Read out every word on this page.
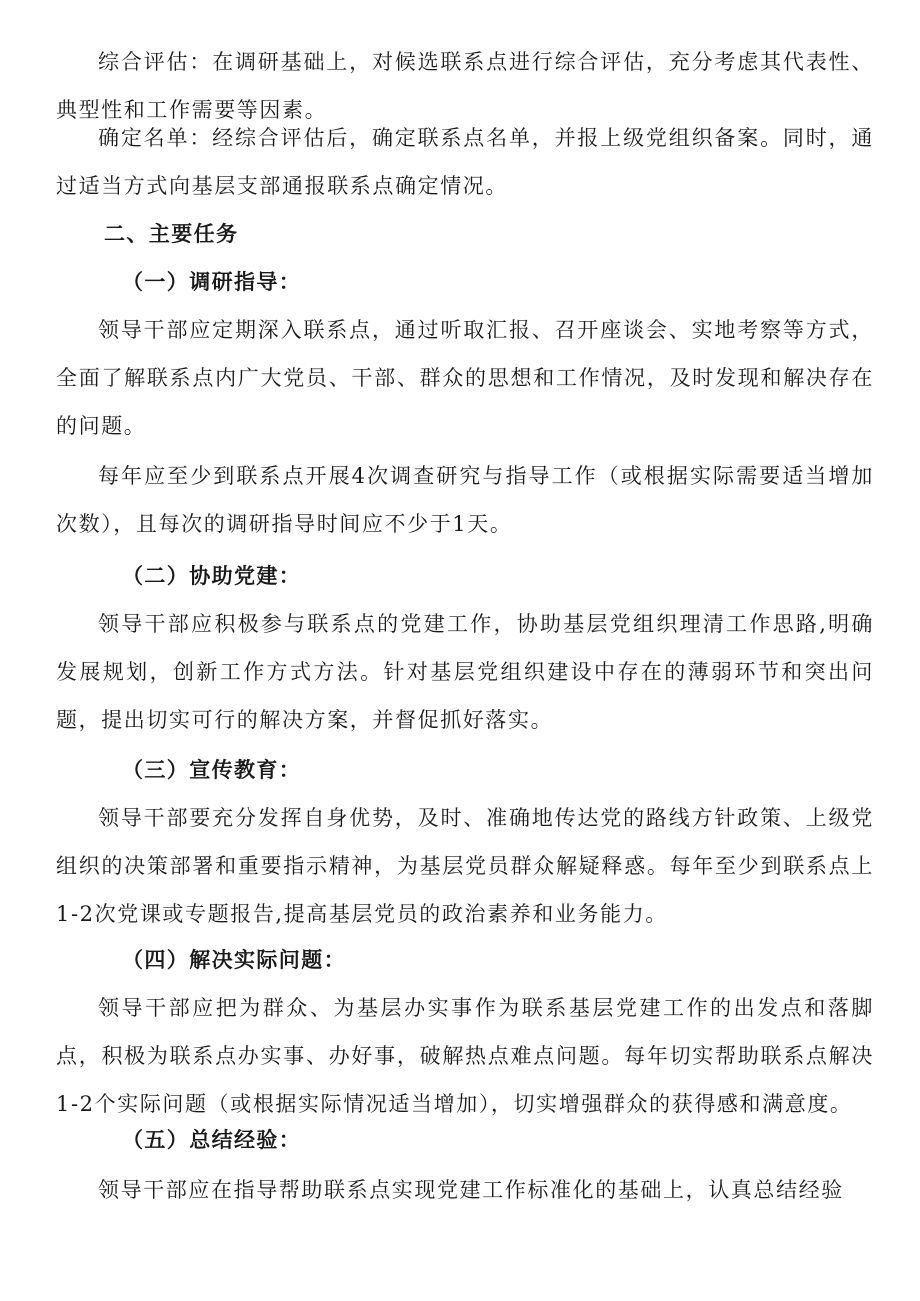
综合评估：在调研基础上，对候选联系点进行综合评估，充分考虑其代表性、典型性和工作需要等因素。

确定名单：经综合评估后，确定联系点名单，并报上级党组织备案。同时，通过适当方式向基层支部通报联系点确定情况。

二、主要任务

（一）调研指导：

领导干部应定期深入联系点，通过听取汇报、召开座谈会、实地考察等方式，全面了解联系点内广大党员、干部、群众的思想和工作情况，及时发现和解决存在的问题。

每年应至少到联系点开展4次调查研究与指导工作（或根据实际需要适当增加次数），且每次的调研指导时间应不少于1天。

（二）协助党建：

领导干部应积极参与联系点的党建工作，协助基层党组织理清工作思路,明确发展规划，创新工作方式方法。针对基层党组织建设中存在的薄弱环节和突出问题，提出切实可行的解决方案，并督促抓好落实。

（三）宣传教育：

领导干部要充分发挥自身优势，及时、准确地传达党的路线方针政策、上级党组织的决策部署和重要指示精神，为基层党员群众解疑释惑。每年至少到联系点上1-2次党课或专题报告,提高基层党员的政治素养和业务能力。

（四）解决实际问题：

领导干部应把为群众、为基层办实事作为联系基层党建工作的出发点和落脚点，积极为联系点办实事、办好事，破解热点难点问题。每年切实帮助联系点解决1-2个实际问题（或根据实际情况适当增加），切实增强群众的获得感和满意度。

（五）总结经验：

领导干部应在指导帮助联系点实现党建工作标准化的基础上，认真总结经验
